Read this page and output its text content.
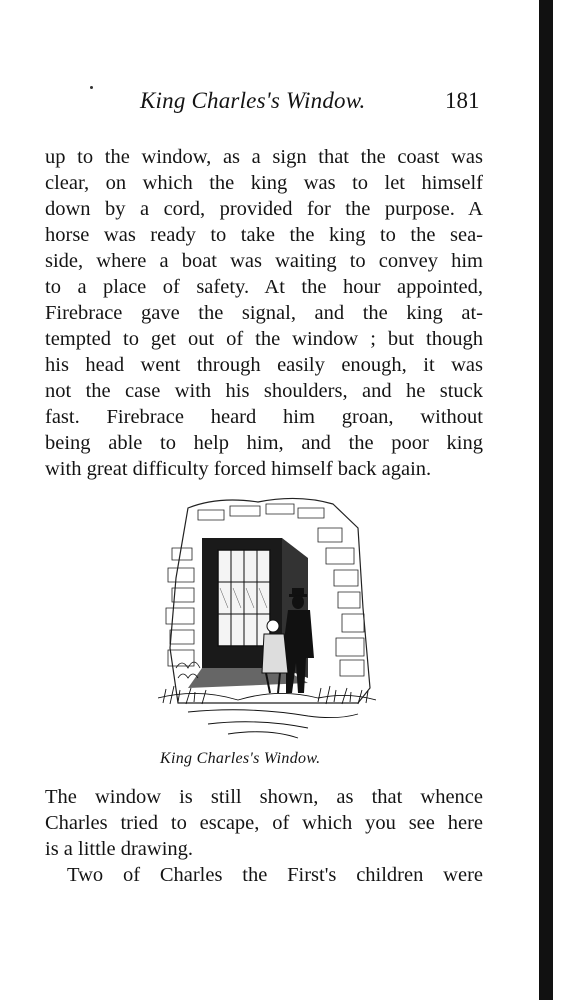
King Charles's Window.	181
up to the window, as a sign that the coast was
clear, on which the king was to let himself
down by a cord, provided for the purpose. A
horse was ready to take the king to the sea-
side, where a boat was waiting to convey him
to a place of safety. At the hour appointed,
Firebrace gave the signal, and the king at-
tempted to get out of the window ; but though
his head went through easily enough, it was
not the case with his shoulders, and he stuck
fast. Firebrace heard him groan, without
being able to help him, and the poor king
with great difficulty forced himself back again.
King Charles's Window.
The window is still shown, as that whence
Charles tried to escape, of which you see here
is a little drawing.
Two of Charles the First's children were
